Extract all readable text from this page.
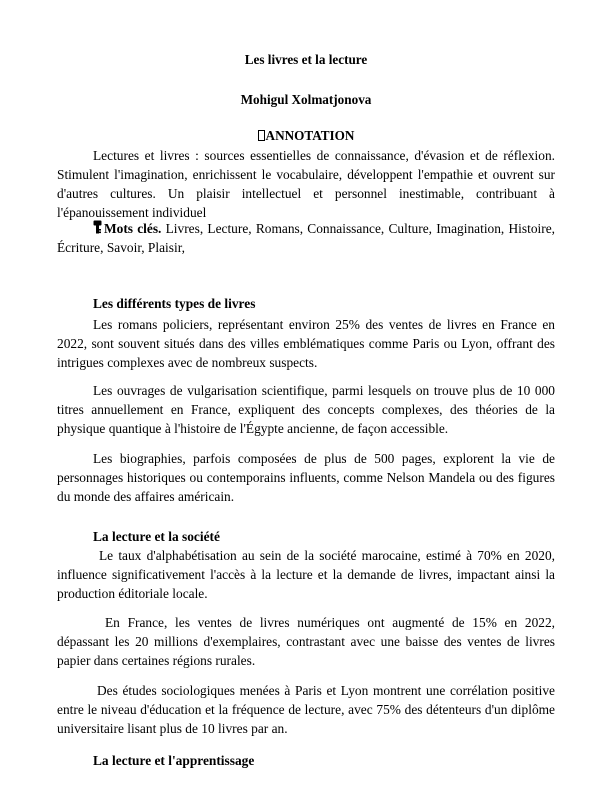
Les livres et la lecture
Mohigul Xolmatjonova
ANNOTATION

Lectures et livres : sources essentielles de connaissance, d'évasion et de réflexion. Stimulent l'imagination, enrichissent le vocabulaire, développent l'empathie et ouvrent sur d'autres cultures. Un plaisir intellectuel et personnel inestimable, contribuant à l'épanouissement individuel

Mots clés. Livres, Lecture, Romans, Connaissance, Culture, Imagination, Histoire, Écriture, Savoir, Plaisir,

Les différents types de livres

Les romans policiers, représentant environ 25% des ventes de livres en France en 2022, sont souvent situés dans des villes emblématiques comme Paris ou Lyon, offrant des intrigues complexes avec de nombreux suspects.

Les ouvrages de vulgarisation scientifique, parmi lesquels on trouve plus de 10 000 titres annuellement en France, expliquent des concepts complexes, des théories de la physique quantique à l'histoire de l'Égypte ancienne, de façon accessible.

Les biographies, parfois composées de plus de 500 pages, explorent la vie de personnages historiques ou contemporains influents, comme Nelson Mandela ou des figures du monde des affaires américain.

La lecture et la société

Le taux d'alphabétisation au sein de la société marocaine, estimé à 70% en 2020, influence significativement l'accès à la lecture et la demande de livres, impactant ainsi la production éditoriale locale.

En France, les ventes de livres numériques ont augmenté de 15% en 2022, dépassant les 20 millions d'exemplaires, contrastant avec une baisse des ventes de livres papier dans certaines régions rurales.

Des études sociologiques menées à Paris et Lyon montrent une corrélation positive entre le niveau d'éducation et la fréquence de lecture, avec 75% des détenteurs d'un diplôme universitaire lisant plus de 10 livres par an.

La lecture et l'apprentissage
